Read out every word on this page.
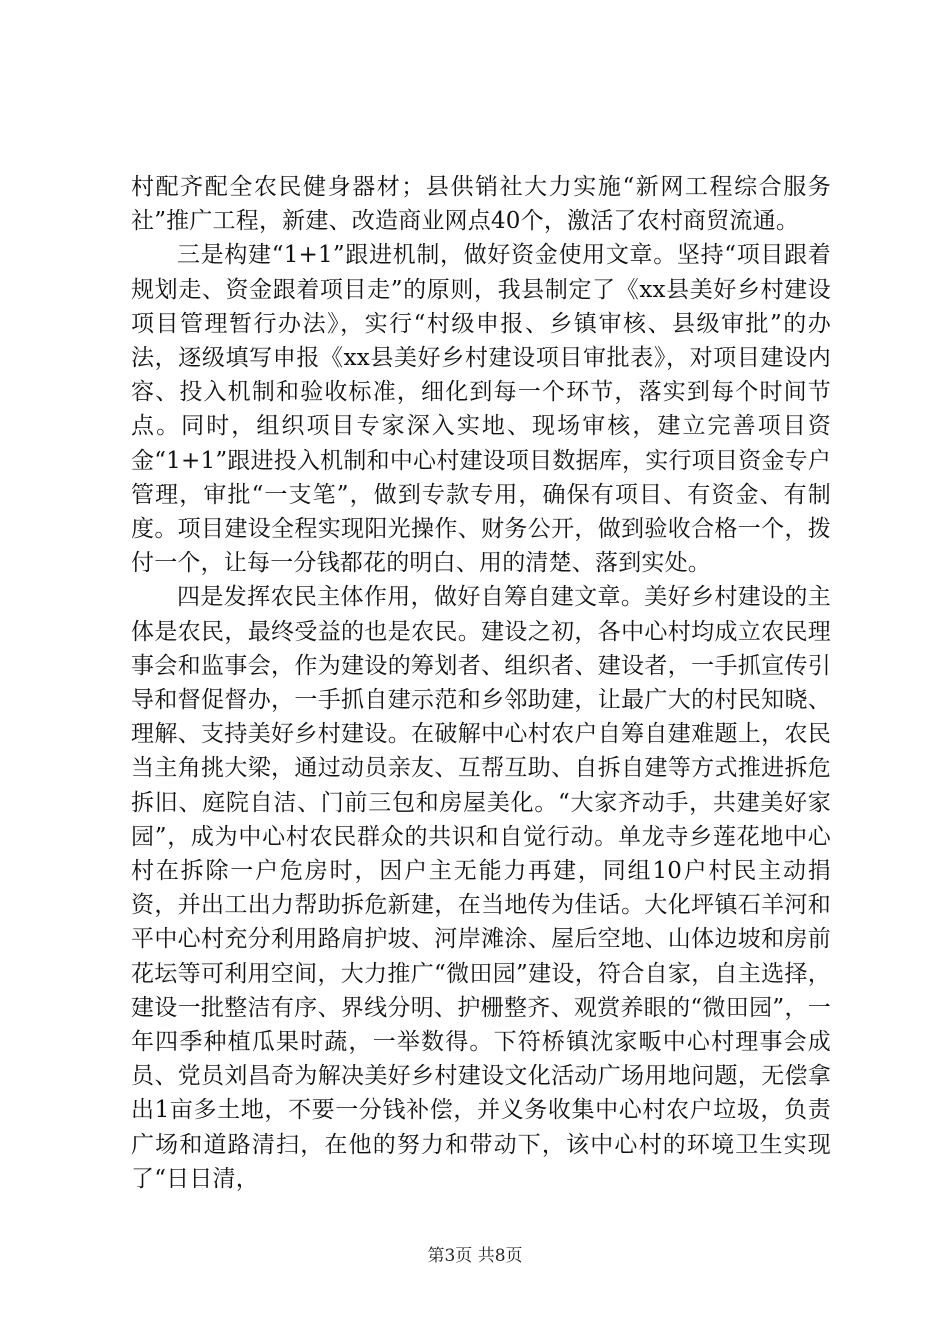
村配齐配全农民健身器材；县供销社大力实施“新网工程综合服务社”推广工程，新建、改造商业网点40个，激活了农村商贸流通。

三是构建“1+1”跟进机制，做好资金使用文章。坚持“项目跟着规划走、资金跟着项目走”的原则，我县制定了《xx县美好乡村建设项目管理暂行办法》，实行“村级申报、乡镇审核、县级审批”的办法，逐级填写申报《xx县美好乡村建设项目审批表》，对项目建设内容、投入机制和验收标准，细化到每一个环节，落实到每个时间节点。同时，组织项目专家深入实地、现场审核，建立完善项目资金“1+1”跟进投入机制和中心村建设项目数据库，实行项目资金专户管理，审批“一支笔”，做到专款专用，确保有项目、有资金、有制度。项目建设全程实现阳光操作、财务公开，做到验收合格一个，拨付一个，让每一分钱都花的明白、用的清楚、落到实处。

四是发挥农民主体作用，做好自筹自建文章。美好乡村建设的主体是农民，最终受益的也是农民。建设之初，各中心村均成立农民理事会和监事会，作为建设的筹划者、组织者、建设者，一手抓宣传引导和督促督办，一手抓自建示范和乡邻助建，让最广大的村民知晓、理解、支持美好乡村建设。在破解中心村农户自筹自建难题上，农民当主角挑大梁，通过动员亲友、互帮互助、自拆自建等方式推进拆危拆旧、庭院自洁、门前三包和房屋美化。“大家齐动手，共建美好家园”，成为中心村农民群众的共识和自觉行动。单龙寺乡莲花地中心村在拆除一户危房时，因户主无能力再建，同组10户村民主动捐资，并出工出力帮助拆危新建，在当地传为佳话。大化坪镇石羊河和平中心村充分利用路肩护坡、河岸滩涂、屋后空地、山体边坡和房前花坛等可利用空间，大力推广“微田园”建设，符合自家，自主选择，建设一批整洁有序、界线分明、护栅整齐、观赏养眼的“微田园”，一年四季种植瓜果时蔬，一举数得。下符桥镇沈家畈中心村理事会成员、党员刘昌奇为解决美好乡村建设文化活动广场用地问题，无偿拿出1亩多土地，不要一分钱补偿，并义务收集中心村农户垃圾，负责广场和道路清扫，在他的努力和带动下，该中心村的环境卫生实现了“日日清，

第3页 共8页
